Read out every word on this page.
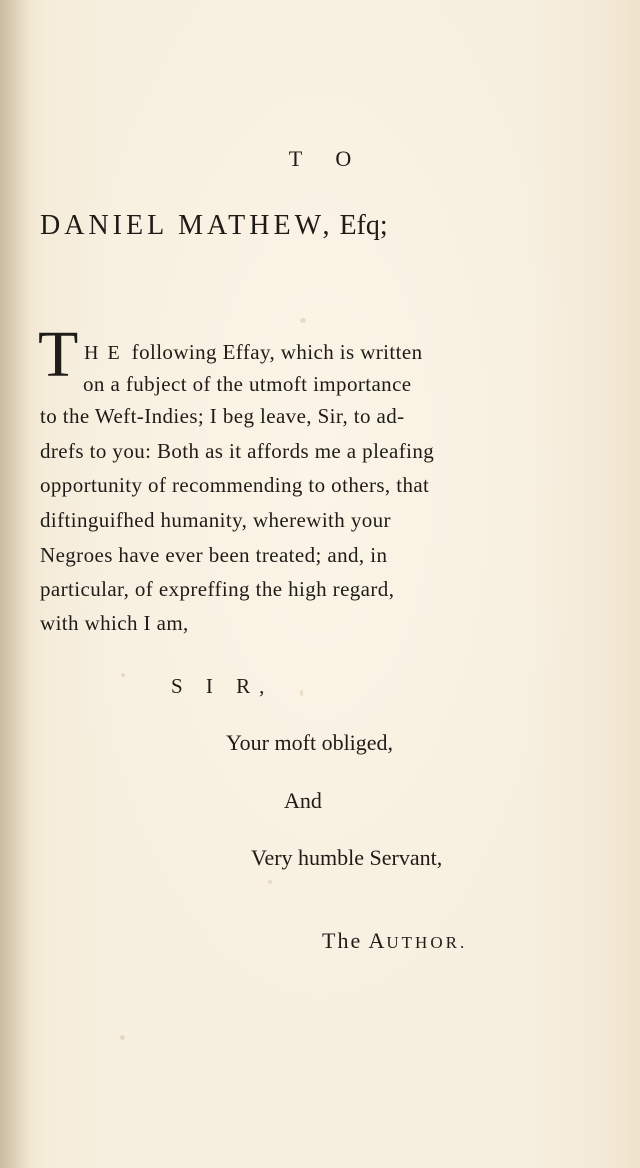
T O
DANIEL MATHEW, Efq;
T H E following Effay, which is written
on a fubject of the utmoft importance
to the Weft-Indies; I beg leave, Sir, to ad-
drefs to you: Both as it affords me a pleafing
opportunity of recommending to others, that
diftinguifhed humanity, wherewith your
Negroes have ever been treated; and, in
particular, of expreffing the high regard,
with which I am,
S I R,
Your moft obliged,
And
Very humble Servant,
The AUTHOR.
